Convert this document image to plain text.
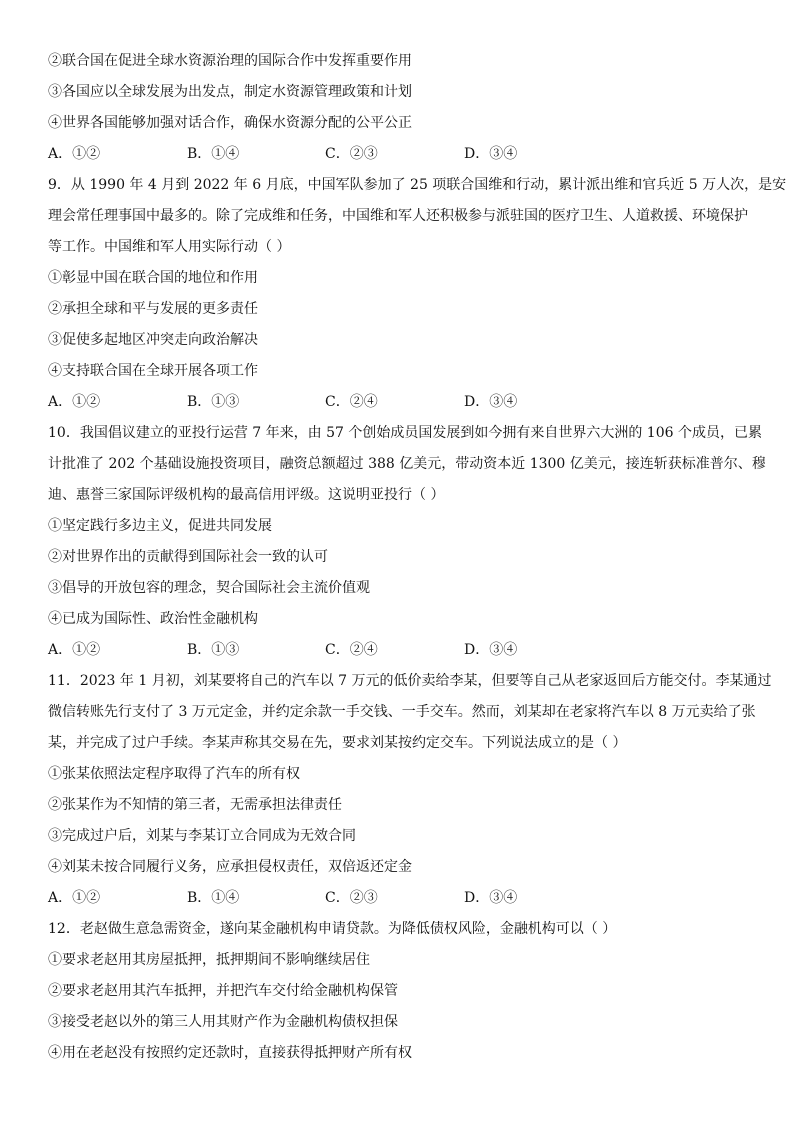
②联合国在促进全球水资源治理的国际合作中发挥重要作用
③各国应以全球发展为出发点，制定水资源管理政策和计划
④世界各国能够加强对话合作，确保水资源分配的公平公正
A．①②	B．①④	C．②③	D．③④
9．从 1990 年 4 月到 2022 年 6 月底，中国军队参加了 25 项联合国维和行动，累计派出维和官兵近 5 万人次，是安
理会常任理事国中最多的。除了完成维和任务，中国维和军人还积极参与派驻国的医疗卫生、人道救援、环境保护
等工作。中国维和军人用实际行动（ ）
①彰显中国在联合国的地位和作用
②承担全球和平与发展的更多责任
③促使多起地区冲突走向政治解决
④支持联合国在全球开展各项工作
A．①②	B．①③	C．②④	D．③④
10．我国倡议建立的亚投行运营 7 年来，由 57 个创始成员国发展到如今拥有来自世界六大洲的 106 个成员，已累
计批准了 202 个基础设施投资项目，融资总额超过 388 亿美元，带动资本近 1300 亿美元，接连斩获标准普尔、穆
迪、惠誉三家国际评级机构的最高信用评级。这说明亚投行（ ）
①坚定践行多边主义，促进共同发展
②对世界作出的贡献得到国际社会一致的认可
③倡导的开放包容的理念，契合国际社会主流价值观
④已成为国际性、政治性金融机构
A．①②	B．①③	C．②④	D．③④
11．2023 年 1 月初，刘某要将自己的汽车以 7 万元的低价卖给李某，但要等自己从老家返回后方能交付。李某通过
微信转账先行支付了 3 万元定金，并约定余款一手交钱、一手交车。然而，刘某却在老家将汽车以 8 万元卖给了张
某，并完成了过户手续。李某声称其交易在先，要求刘某按约定交车。下列说法成立的是（ ）
①张某依照法定程序取得了汽车的所有权
②张某作为不知情的第三者，无需承担法律责任
③完成过户后，刘某与李某订立合同成为无效合同
④刘某未按合同履行义务，应承担侵权责任，双倍返还定金
A．①②	B．①④	C．②③	D．③④
12．老赵做生意急需资金，遂向某金融机构申请贷款。为降低债权风险，金融机构可以（ ）
①要求老赵用其房屋抵押，抵押期间不影响继续居住
②要求老赵用其汽车抵押，并把汽车交付给金融机构保管
③接受老赵以外的第三人用其财产作为金融机构债权担保
④用在老赵没有按照约定还款时，直接获得抵押财产所有权
